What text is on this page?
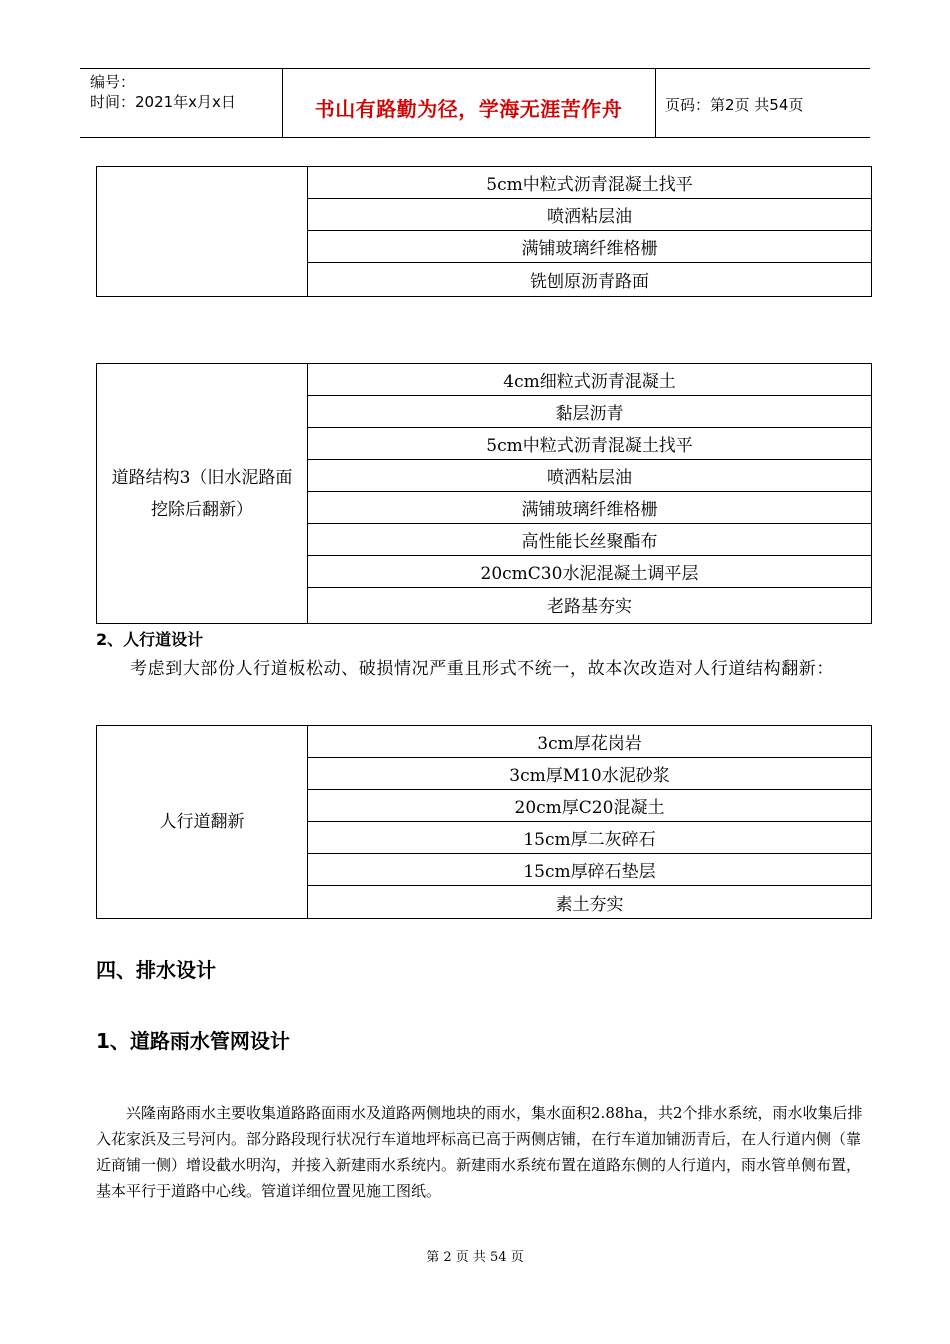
编号：
时间：2021年x月x日	书山有路勤为径，学海无涯苦作舟	页码：第2页 共54页
5cm中粒式沥青混凝土找平
喷洒粘层油
满铺玻璃纤维格栅
铣刨原沥青路面
道路结构3（旧水泥路面挖除后翻新）
4cm细粒式沥青混凝土
黏层沥青
5cm中粒式沥青混凝土找平
喷洒粘层油
满铺玻璃纤维格栅
高性能长丝聚酯布
20cmC30水泥混凝土调平层
老路基夯实
2、人行道设计
考虑到大部份人行道板松动、破损情况严重且形式不统一，故本次改造对人行道结构翻新：
人行道翻新
3cm厚花岗岩
3cm厚M10水泥砂浆
20cm厚C20混凝土
15cm厚二灰碎石
15cm厚碎石垫层
素土夯实
四、排水设计
1、道路雨水管网设计
兴隆南路雨水主要收集道路路面雨水及道路两侧地块的雨水，集水面积2.88ha，共2个排水系统，雨水收集后排入花家浜及三号河内。部分路段现行状况行车道地坪标高已高于两侧店铺，在行车道加铺沥青后，在人行道内侧（靠近商铺一侧）增设截水明沟，并接入新建雨水系统内。新建雨水系统布置在道路东侧的人行道内，雨水管单侧布置，基本平行于道路中心线。管道详细位置见施工图纸。
第 2 页 共 54 页
